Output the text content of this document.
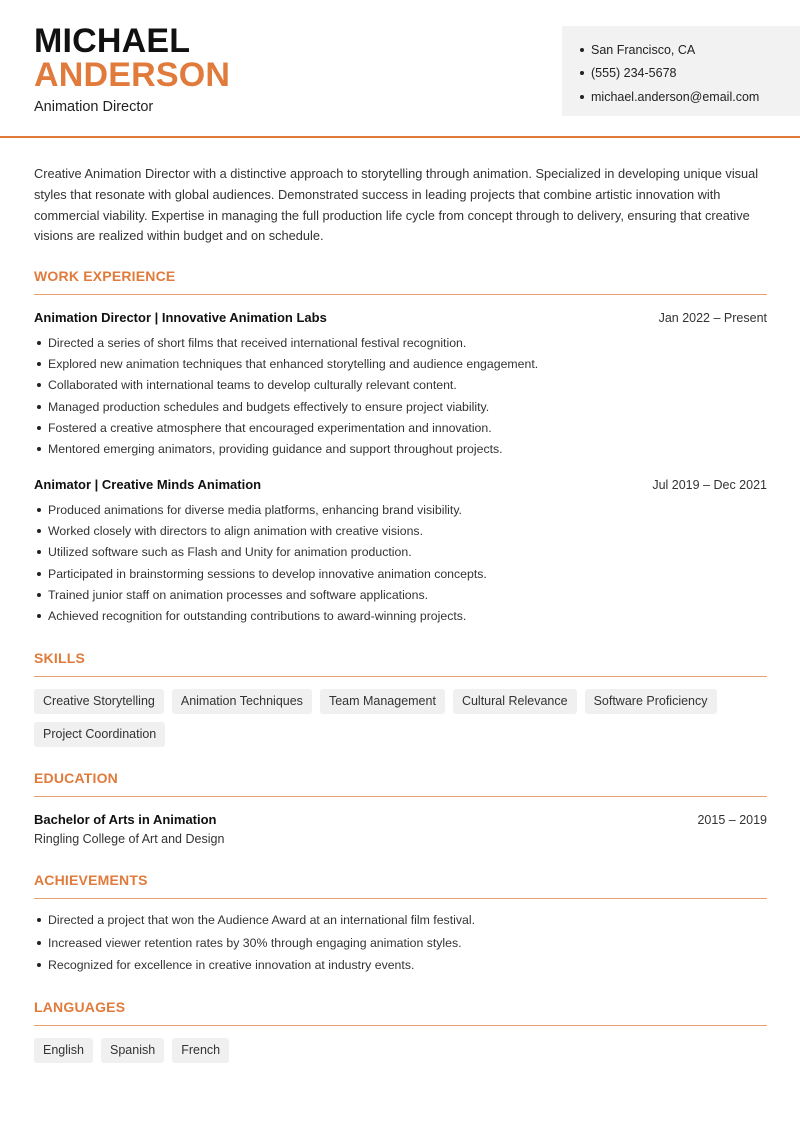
MICHAEL
ANDERSON
Animation Director
San Francisco, CA
(555) 234-5678
michael.anderson@email.com

Creative Animation Director with a distinctive approach to storytelling through animation. Specialized in developing unique visual styles that resonate with global audiences. Demonstrated success in leading projects that combine artistic innovation with commercial viability. Expertise in managing the full production life cycle from concept through to delivery, ensuring that creative visions are realized within budget and on schedule.

WORK EXPERIENCE
Animation Director | Innovative Animation Labs	Jan 2022 – Present
Directed a series of short films that received international festival recognition.
Explored new animation techniques that enhanced storytelling and audience engagement.
Collaborated with international teams to develop culturally relevant content.
Managed production schedules and budgets effectively to ensure project viability.
Fostered a creative atmosphere that encouraged experimentation and innovation.
Mentored emerging animators, providing guidance and support throughout projects.
Animator | Creative Minds Animation	Jul 2019 – Dec 2021
Produced animations for diverse media platforms, enhancing brand visibility.
Worked closely with directors to align animation with creative visions.
Utilized software such as Flash and Unity for animation production.
Participated in brainstorming sessions to develop innovative animation concepts.
Trained junior staff on animation processes and software applications.
Achieved recognition for outstanding contributions to award-winning projects.
SKILLS
Creative Storytelling	Animation Techniques	Team Management	Cultural Relevance	Software Proficiency
Project Coordination
EDUCATION
Bachelor of Arts in Animation	2015 – 2019
Ringling College of Art and Design
ACHIEVEMENTS
Directed a project that won the Audience Award at an international film festival.
Increased viewer retention rates by 30% through engaging animation styles.
Recognized for excellence in creative innovation at industry events.
LANGUAGES
English	Spanish	French
